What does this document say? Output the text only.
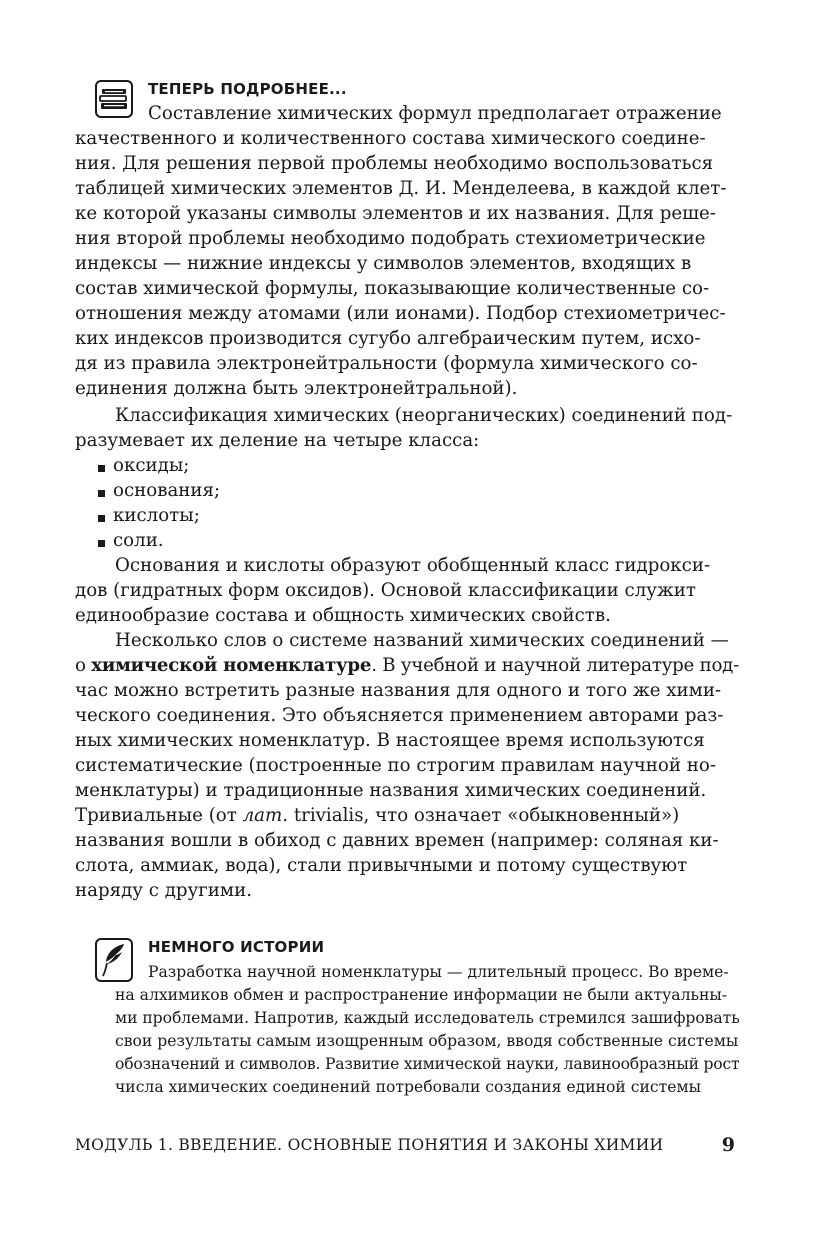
ТЕПЕРЬ ПОДРОБНЕЕ...
Составление химических формул предполагает отражение
качественного и количественного состава химического соедине-
ния. Для решения первой проблемы необходимо воспользоваться
таблицей химических элементов Д. И. Менделеева, в каждой клет-
ке которой указаны символы элементов и их названия. Для реше-
ния второй проблемы необходимо подобрать стехиометрические
индексы — нижние индексы у символов элементов, входящих в
состав химической формулы, показывающие количественные со-
отношения между атомами (или ионами). Подбор стехиометричес-
ких индексов производится сугубо алгебраическим путем, исхо-
дя из правила электронейтральности (формула химического со-
единения должна быть электронейтральной).
Классификация химических (неорганических) соединений под-
разумевает их деление на четыре класса:
оксиды;
основания;
кислоты;
соли.
Основания и кислоты образуют обобщенный класс гидрокси-
дов (гидратных форм оксидов). Основой классификации служит
единообразие состава и общность химических свойств.
Несколько слов о системе названий химических соединений —
о химической номенклатуре. В учебной и научной литературе под-
час можно встретить разные названия для одного и того же хими-
ческого соединения. Это объясняется применением авторами раз-
ных химических номенклатур. В настоящее время используются
систематические (построенные по строгим правилам научной но-
менклатуры) и традиционные названия химических соединений.
Тривиальные (от лат. trivialis, что означает «обыкновенный»)
названия вошли в обиход с давних времен (например: соляная ки-
слота, аммиак, вода), стали привычными и потому существуют
наряду с другими.
НЕМНОГО ИСТОРИИ
Разработка научной номенклатуры — длительный процесс. Во време-
на алхимиков обмен и распространение информации не были актуальны-
ми проблемами. Напротив, каждый исследователь стремился зашифровать
свои результаты самым изощренным образом, вводя собственные системы
обозначений и символов. Развитие химической науки, лавинообразный рост
числа химических соединений потребовали создания единой системы
МОДУЛЬ 1. ВВЕДЕНИЕ. ОСНОВНЫЕ ПОНЯТИЯ И ЗАКОНЫ ХИМИИ	9
